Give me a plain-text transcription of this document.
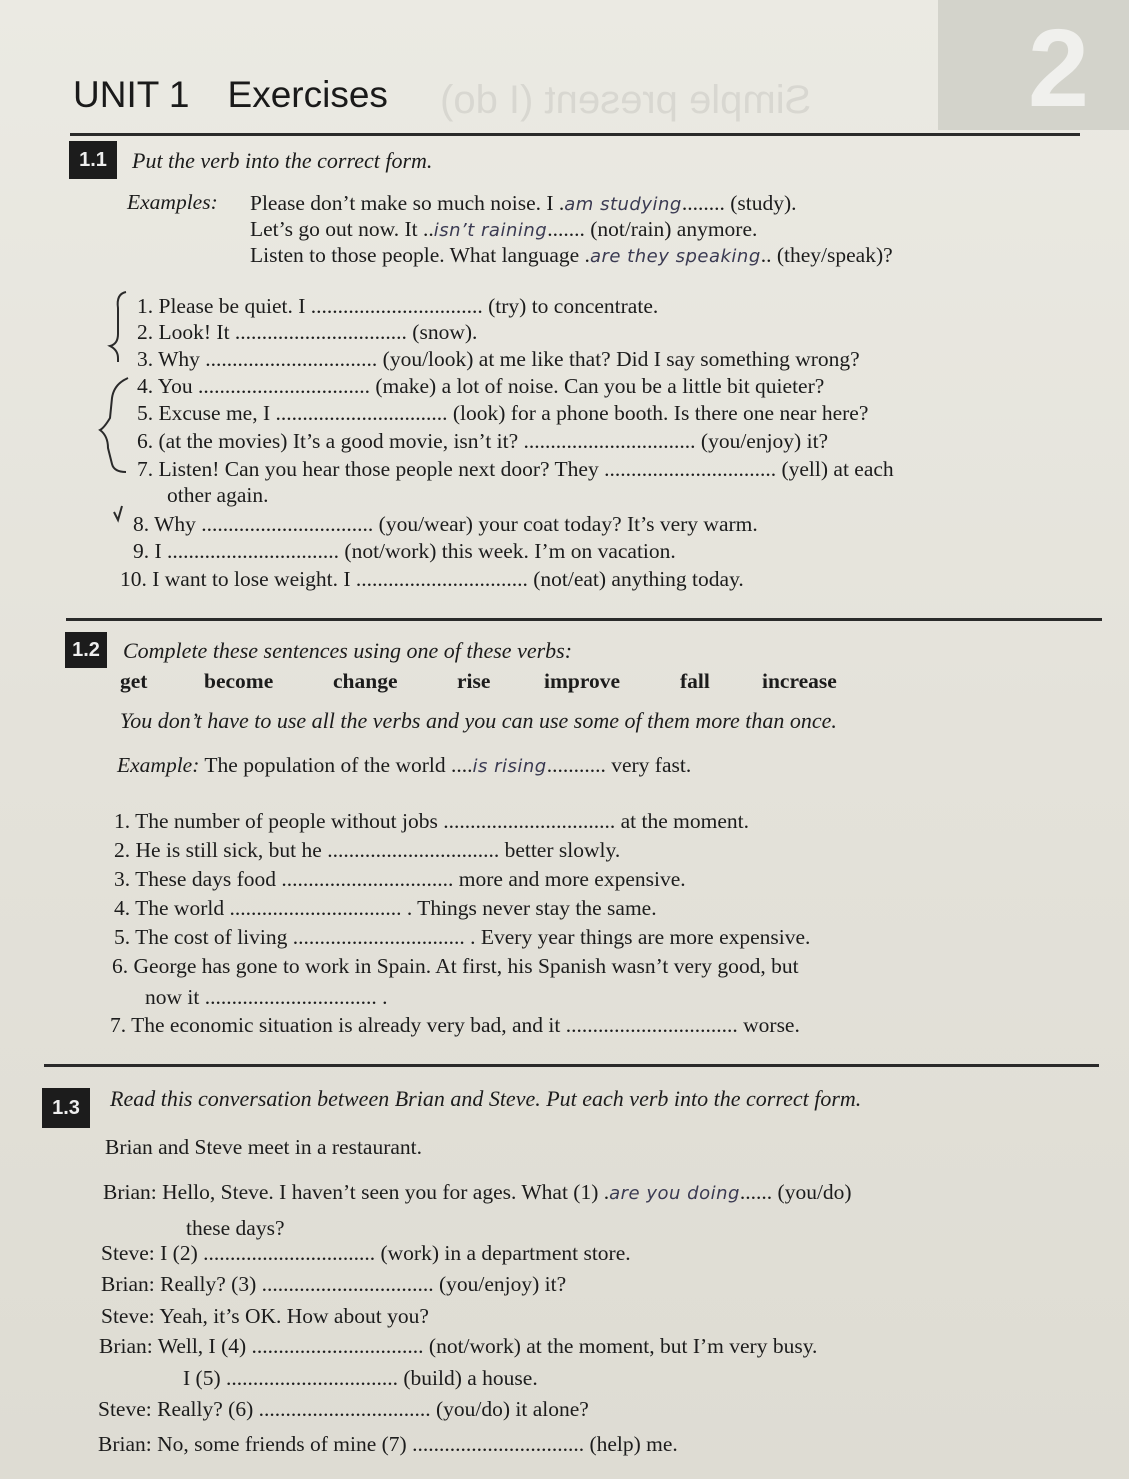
Simple present (I do) 2
UNIT 1 Exercises
1.1	Put the verb into the correct form.
Examples: Please don’t make so much noise. I .am studying........ (study).
Let’s go out now. It ..isn’t raining....... (not/rain) anymore.
Listen to those people. What language .are they speaking.. (they/speak)?
1. Please be quiet. I ................................ (try) to concentrate.
2. Look! It ................................ (snow).
3. Why ................................ (you/look) at me like that? Did I say something wrong?
4. You ................................ (make) a lot of noise. Can you be a little bit quieter?
5. Excuse me, I ................................ (look) for a phone booth. Is there one near here?
6. (at the movies) It’s a good movie, isn’t it? ................................ (you/enjoy) it?
7. Listen! Can you hear those people next door? They ................................ (yell) at each
other again.
8. Why ................................ (you/wear) your coat today? It’s very warm.
9. I ................................ (not/work) this week. I’m on vacation.
10. I want to lose weight. I ................................ (not/eat) anything today.
1.2	Complete these sentences using one of these verbs:
get	become	change	rise improve	fall increase
You don’t have to use all the verbs and you can use some of them more than once.
Example: The population of the world ....is rising........... very fast.
1. The number of people without jobs ................................ at the moment.
2. He is still sick, but he ................................ better slowly.
3. These days food ................................ more and more expensive.
4. The world ................................ . Things never stay the same.
5. The cost of living ................................ . Every year things are more expensive.
6. George has gone to work in Spain. At first, his Spanish wasn’t very good, but
now it ................................ .
7. The economic situation is already very bad, and it ................................ worse.
1.3	Read this conversation between Brian and Steve. Put each verb into the correct form.
Brian and Steve meet in a restaurant.
Brian: Hello, Steve. I haven’t seen you for ages. What (1) .are you doing...... (you/do)
these days?
Steve: I (2) ................................ (work) in a department store.
Brian: Really? (3) ................................ (you/enjoy) it?
Steve: Yeah, it’s OK. How about you?
Brian: Well, I (4) ................................ (not/work) at the moment, but I’m very busy.
I (5) ................................ (build) a house.
Steve: Really? (6) ................................ (you/do) it alone?
Brian: No, some friends of mine (7) ................................ (help) me.
